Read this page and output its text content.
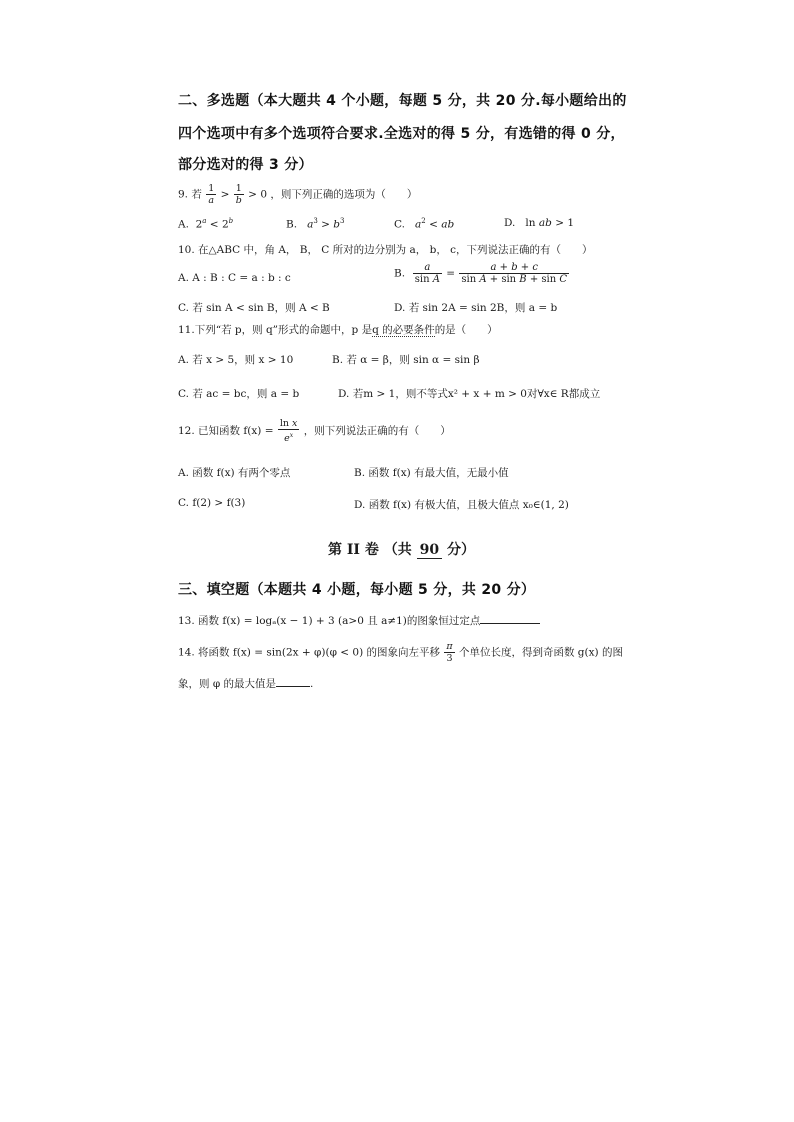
二、多选题（本大题共 4 个小题，每题 5 分，共 20 分.每小题给出的
四个选项中有多个选项符合要求.全选对的得 5 分，有选错的得 0 分，
部分选对的得 3 分）
9. 若 $\frac{1}{a} > \frac{1}{b} > 0$ ，则下列正确的选项为（　　）
A.  $2^a < 2^b$	B. $a^3 > b^3$	C. $a^2$ < ab	D.   ln ab > 1
10. 在△ABC 中，角 A， B， C 所对的边分别为 a， b， c，下列说法正确的有（　　）
A. A : B : C = a : b : c	B. $\frac{a}{\text{sin A}} = \frac{a + b + c}{\text{sin A + sin B + sin C}}$
C. 若 sin A < sin B，则 A < B	D. 若 sin 2A = sin 2B，则 a = b
11.下列“若 p，则 q”形式的命题中，p 是q 的必要条件的是（　　）
A. 若 x > 5，则 x > 10	B. 若 α = β，则 sin α = sin β
C. 若 ac = bc，则 a = b	D. 若m > 1，则不等式x² + x + m > 0对∀x∈ R都成立
12. 已知函数 $f(x) = \frac{\text{ln x}}{e^x}$ ，则下列说法正确的有（　　）
A. 函数 f(x) 有两个零点	B. 函数 f(x) 有最大值，无最小值
C. f(2) > f(3)	D. 函数 f(x) 有极大值，且极大值点 x₀∈(1, 2)
第 II 卷 （共 90 分）
三、填空题（本题共 4 小题，每小题 5 分，共 20 分）
13. 函数 f(x) = logₐ(x − 1) + 3 (a>0 且 a≠1)的图象恒过定点
14. 将函数 f(x) = sin(2x + φ)(φ < 0) 的图象向左平移 $\frac{\pi}{3}$ 个单位长度，得到奇函数 g(x) 的图
象，则 φ 的最大值是	.
